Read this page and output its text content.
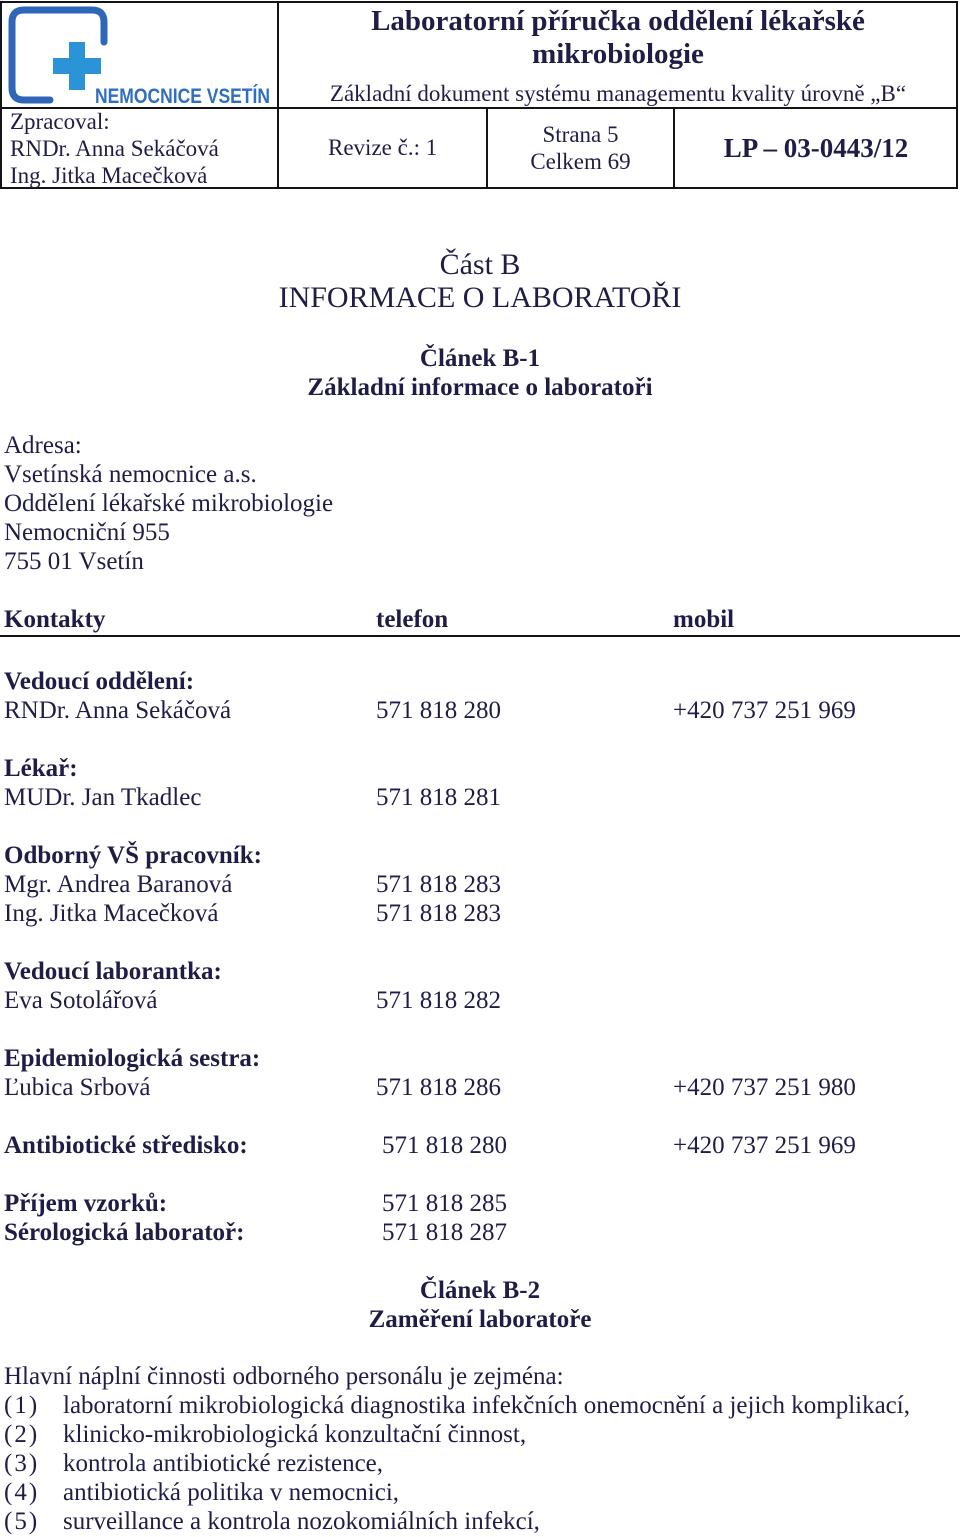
NEMOCNICE VSETÍN
Laboratorní příručka oddělení lékařské mikrobiologie
Základní dokument systému managementu kvality úrovně „B“
Zpracoval:
RNDr. Anna Sekáčová
Ing. Jitka Macečková
Revize č.: 1
Strana 5
Celkem 69	LP – 03-0443/12
Část B
INFORMACE O LABORATOŘI
Článek B-1
Základní informace o laboratoři
Adresa:
Vsetínská nemocnice a.s.
Oddělení lékařské mikrobiologie
Nemocniční 955
755 01 Vsetín
Kontakty	telefon	mobil
Vedoucí oddělení:
RNDr. Anna Sekáčová	571 818 280	+420 737 251 969
Lékař:
MUDr. Jan Tkadlec	571 818 281
Odborný VŠ pracovník:
Mgr. Andrea Baranová	571 818 283
Ing. Jitka Macečková	571 818 283
Vedoucí laborantka:
Eva Sotolářová	571 818 282
Epidemiologická sestra:
Ľubica Srbová	571 818 286	+420 737 251 980
Antibiotické středisko:	571 818 280	+420 737 251 969
Příjem vzorků:	571 818 285
Sérologická laboratoř:	571 818 287
Článek B-2
Zaměření laboratoře
Hlavní náplní činnosti odborného personálu je zejména:
(1) laboratorní mikrobiologická diagnostika infekčních onemocnění a jejich komplikací,
(2) klinicko-mikrobiologická konzultační činnost,
(3) kontrola antibiotické rezistence,
(4) antibiotická politika v nemocnici,
(5) surveillance a kontrola nozokomiálních infekcí,
